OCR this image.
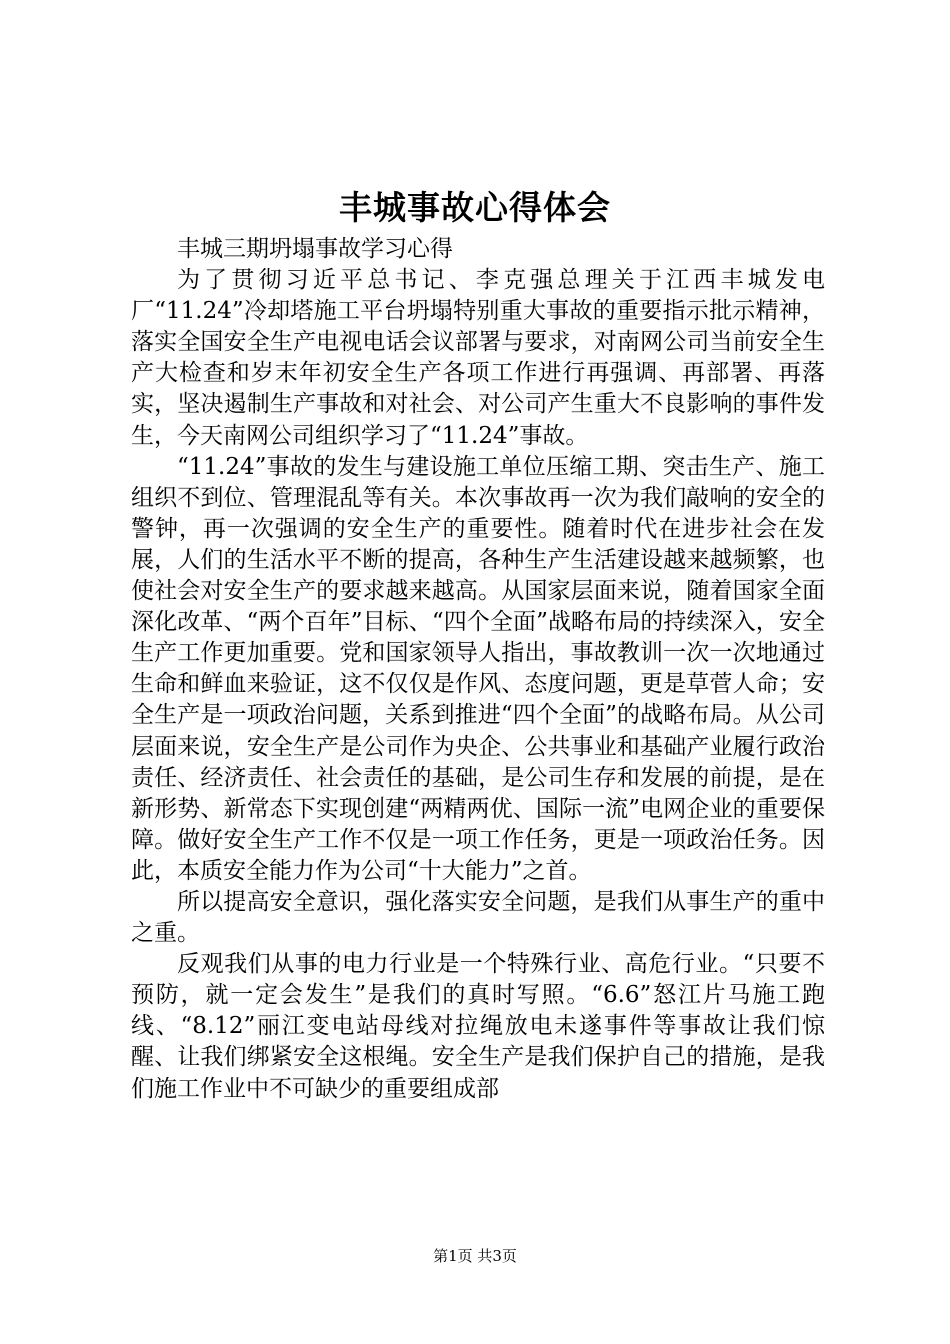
丰城事故心得体会

丰城三期坍塌事故学习心得

为了贯彻习近平总书记、李克强总理关于江西丰城发电厂“11.24”冷却塔施工平台坍塌特别重大事故的重要指示批示精神，落实全国安全生产电视电话会议部署与要求，对南网公司当前安全生产大检查和岁末年初安全生产各项工作进行再强调、再部署、再落实，坚决遏制生产事故和对社会、对公司产生重大不良影响的事件发生，今天南网公司组织学习了“11.24”事故。

“11.24”事故的发生与建设施工单位压缩工期、突击生产、施工组织不到位、管理混乱等有关。本次事故再一次为我们敲响的安全的警钟，再一次强调的安全生产的重要性。随着时代在进步社会在发展，人们的生活水平不断的提高，各种生产生活建设越来越频繁，也使社会对安全生产的要求越来越高。从国家层面来说，随着国家全面深化改革、“两个百年”目标、“四个全面”战略布局的持续深入，安全生产工作更加重要。党和国家领导人指出，事故教训一次一次地通过生命和鲜血来验证，这不仅仅是作风、态度问题，更是草菅人命；安全生产是一项政治问题，关系到推进“四个全面”的战略布局。从公司层面来说，安全生产是公司作为央企、公共事业和基础产业履行政治责任、经济责任、社会责任的基础，是公司生存和发展的前提，是在新形势、新常态下实现创建“两精两优、国际一流”电网企业的重要保障。做好安全生产工作不仅是一项工作任务，更是一项政治任务。因此，本质安全能力作为公司“十大能力”之首。

所以提高安全意识，强化落实安全问题，是我们从事生产的重中之重。

反观我们从事的电力行业是一个特殊行业、高危行业。“只要不预防，就一定会发生”是我们的真时写照。“6.6”怒江片马施工跑线、“8.12”丽江变电站母线对拉绳放电未遂事件等事故让我们惊醒、让我们绑紧安全这根绳。安全生产是我们保护自己的措施，是我们施工作业中不可缺少的重要组成部

第1页 共3页
